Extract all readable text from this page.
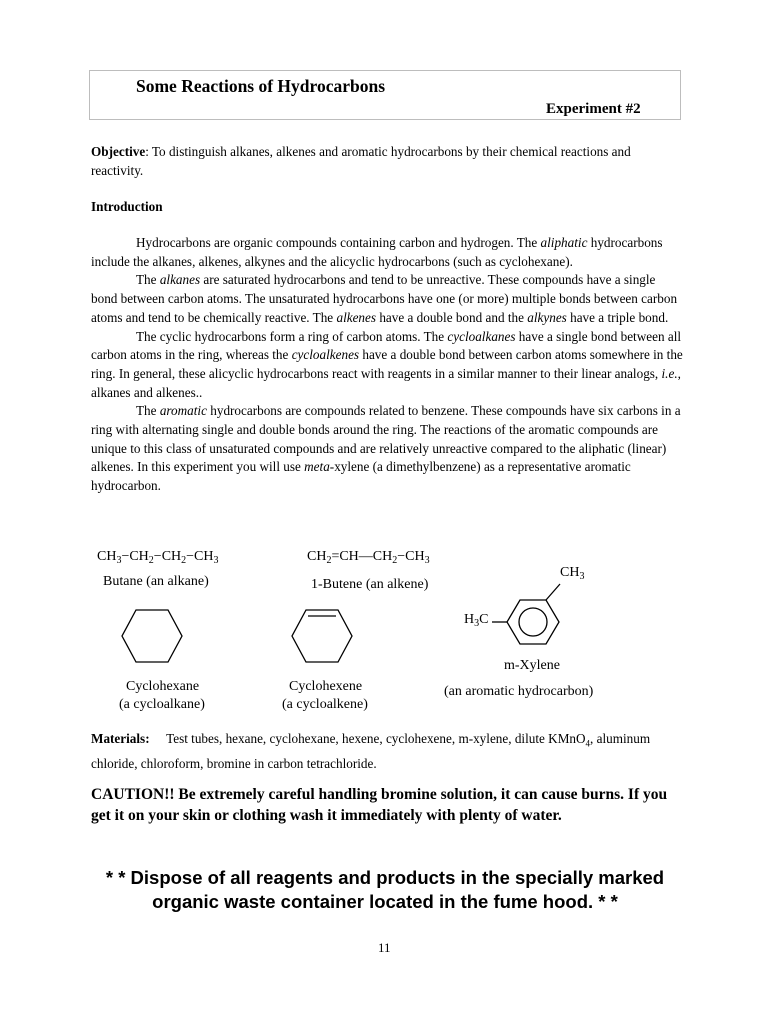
Some Reactions of Hydrocarbons
Experiment #2
Objective: To distinguish alkanes, alkenes and aromatic hydrocarbons by their chemical reactions and reactivity.
Introduction

Hydrocarbons are organic compounds containing carbon and hydrogen. The aliphatic hydrocarbons include the alkanes, alkenes, alkynes and the alicyclic hydrocarbons (such as cyclohexane).

The alkanes are saturated hydrocarbons and tend to be unreactive. These compounds have a single bond between carbon atoms. The unsaturated hydrocarbons have one (or more) multiple bonds between carbon atoms and tend to be chemically reactive. The alkenes have a double bond and the alkynes have a triple bond.

The cyclic hydrocarbons form a ring of carbon atoms. The cycloalkanes have a single bond between all carbon atoms in the ring, whereas the cycloalkenes have a double bond between carbon atoms somewhere in the ring. In general, these alicyclic hydrocarbons react with reagents in a similar manner to their linear analogs, i.e., alkanes and alkenes..

The aromatic hydrocarbons are compounds related to benzene. These compounds have six carbons in a ring with alternating single and double bonds around the ring. The reactions of the aromatic compounds are unique to this class of unsaturated compounds and are relatively unreactive compared to the aliphatic (linear) alkenes. In this experiment you will use meta-xylene (a dimethylbenzene) as a representative aromatic hydrocarbon.

$CH_3-CH_2-CH_2-CH_3$
Butane (an alkane)
$CH_2=CH—CH_2-CH_3$
1-Butene (an alkene)
Cyclohexane
(a cycloalkane)
Cyclohexene
(a cycloalkene)
$CH_3$
$H_3C$
m-Xylene
(an aromatic hydrocarbon)
Materials: Test tubes, hexane, cyclohexane, hexene, cyclohexene, m-xylene, dilute KMnO$_4$, aluminum chloride, chloroform, bromine in carbon tetrachloride.
CAUTION!! Be extremely careful handling bromine solution, it can cause burns. If you get it on your skin or clothing wash it immediately with plenty of water.
* * Dispose of all reagents and products in the specially marked organic waste container located in the fume hood. * *
11
